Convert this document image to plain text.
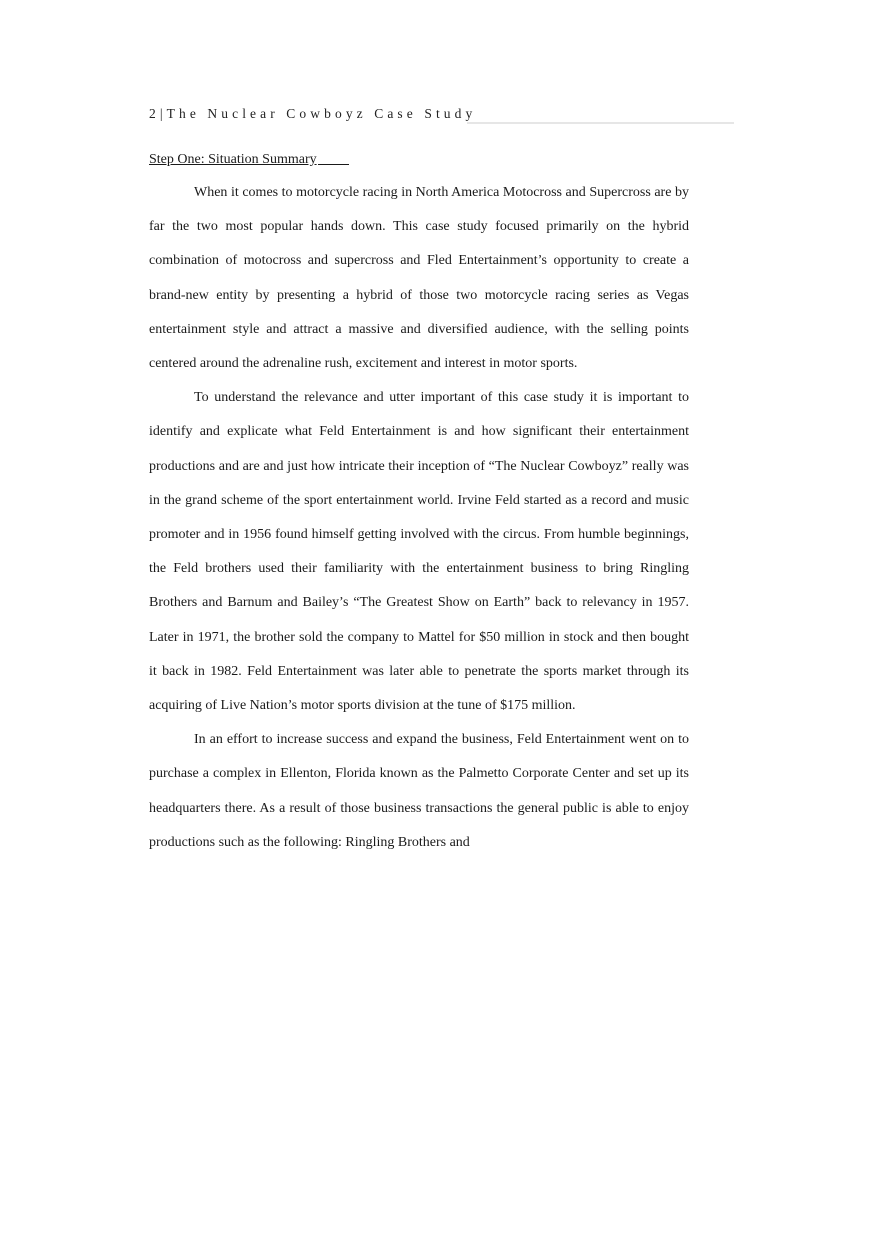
2|The Nuclear Cowboyz Case Study
Step One: Situation Summary

When it comes to motorcycle racing in North America Motocross and Supercross are by far the two most popular hands down. This case study focused primarily on the hybrid combination of motocross and supercross and Fled Entertainment’s opportunity to create a brand-new entity by presenting a hybrid of those two motorcycle racing series as Vegas entertainment style and attract a massive and diversified audience, with the selling points centered around the adrenaline rush, excitement and interest in motor sports.

To understand the relevance and utter important of this case study it is important to identify and explicate what Feld Entertainment is and how significant their entertainment productions and are and just how intricate their inception of “The Nuclear Cowboyz” really was in the grand scheme of the sport entertainment world. Irvine Feld started as a record and music promoter and in 1956 found himself getting involved with the circus. From humble beginnings, the Feld brothers used their familiarity with the entertainment business to bring Ringling Brothers and Barnum and Bailey’s “The Greatest Show on Earth” back to relevancy in 1957. Later in 1971, the brother sold the company to Mattel for $50 million in stock and then bought it back in 1982. Feld Entertainment was later able to penetrate the sports market through its acquiring of Live Nation’s motor sports division at the tune of $175 million.

In an effort to increase success and expand the business, Feld Entertainment went on to purchase a complex in Ellenton, Florida known as the Palmetto Corporate Center and set up its headquarters there. As a result of those business transactions the general public is able to enjoy productions such as the following: Ringling Brothers and
